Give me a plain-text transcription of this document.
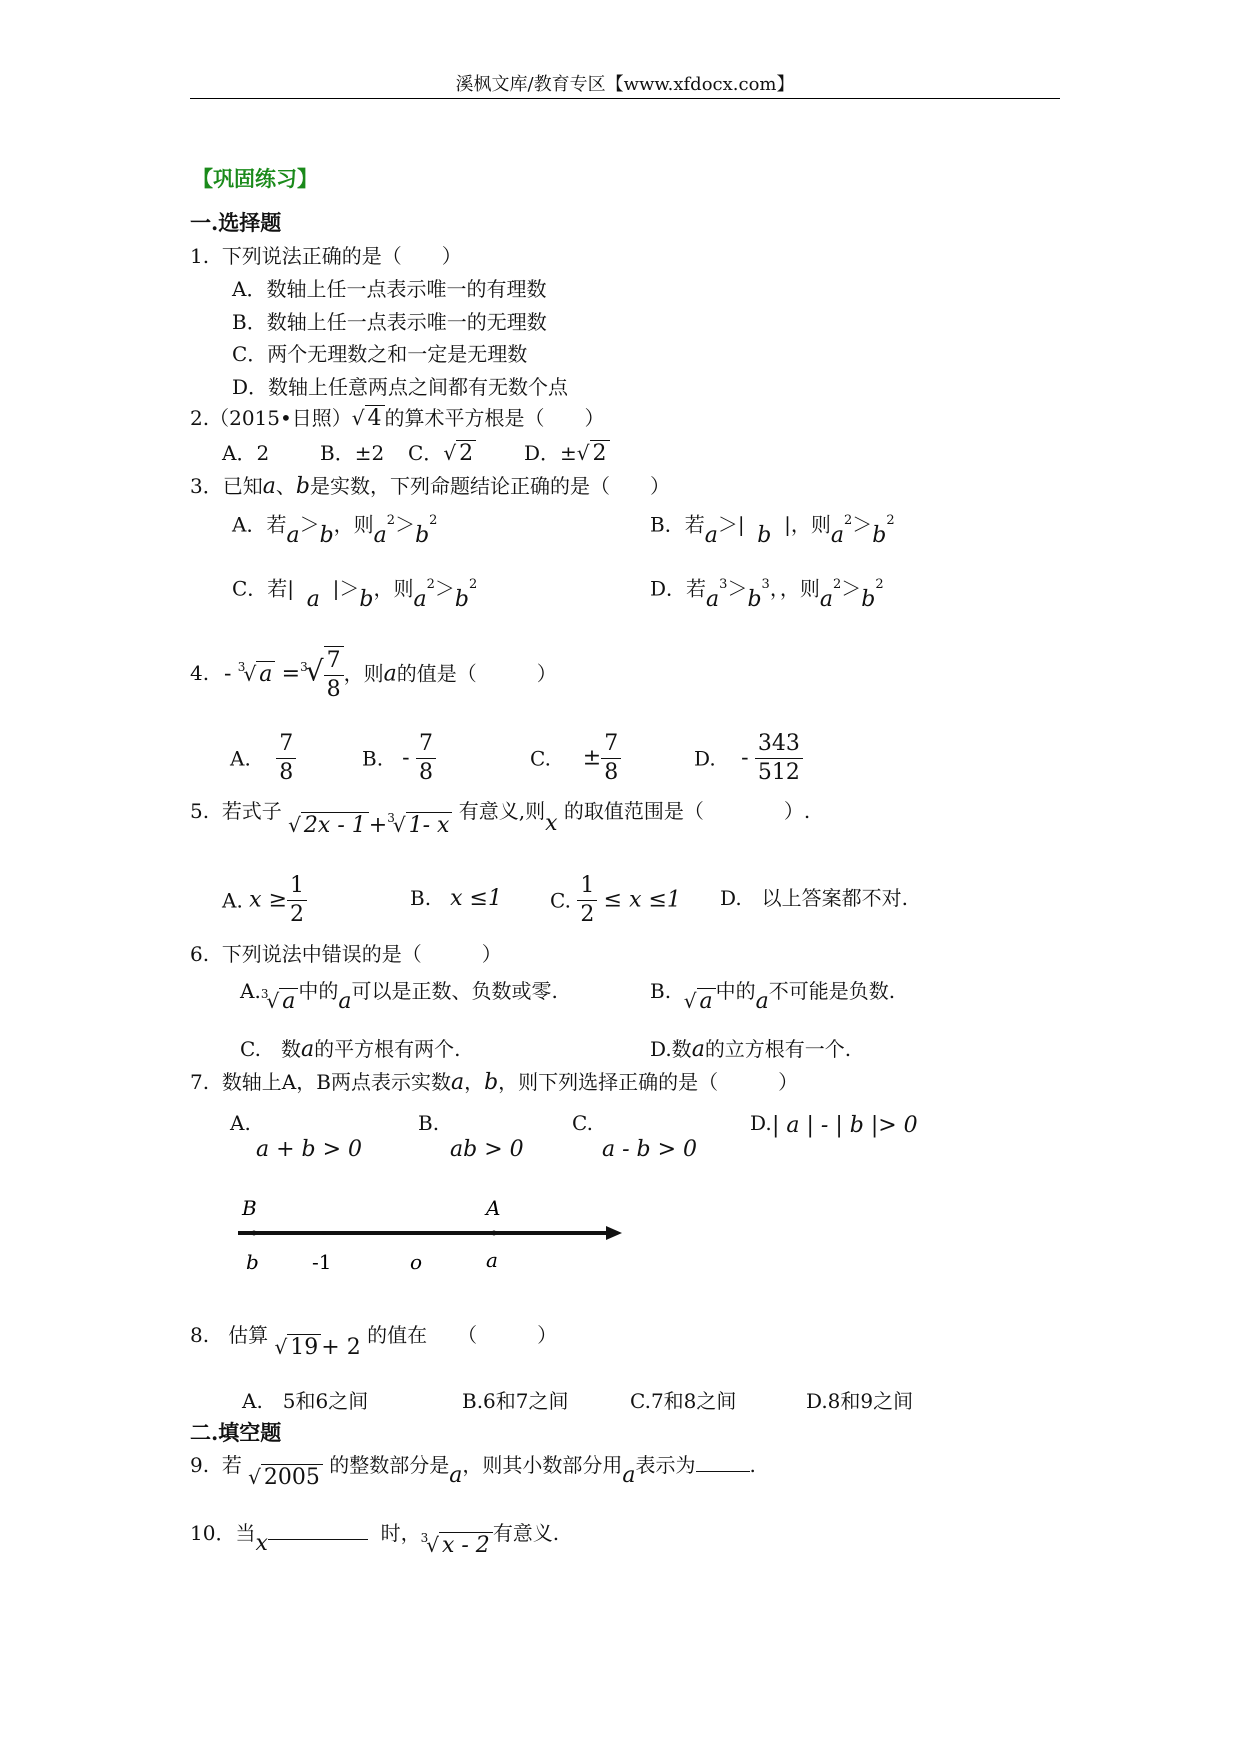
溪枫文库/教育专区【www.xfdocx.com】
【巩固练习】
一.选择题
1. 下列说法正确的是（　　）
A．数轴上任一点表示唯一的有理数
B．数轴上任一点表示唯一的无理数
C．两个无理数之和一定是无理数
D．数轴上任意两点之间都有无数个点
2.（2015•日照）√ 4 的算术平方根是（　　）
A．2	B．±2 C．√ 2	D．±√ 2
3．已知a、b是实数，下列命题结论正确的是（　　）
A．若a＞b，则$a^2>b^2$	B．若a＞| b |，则$a^2>b^2$
C．若| a |＞b，则$a^2>b^2$	D．若$a^3>b^3$，，则$a^2>b^2$
4. - $^3$√ $a =^3√ \frac{7}{8}$ ，则a的值是（　　　）
A. $\frac{7}{8}$	B. - $\frac{7}{8}$	C. ± $\frac{7}{8}$	D. - $\frac{343}{512}$
5. 若式子 √ 2x - 1 +$^3$√ 1- x 有意义,则x 的取值范围是（　　　　）.
A. $x \ge \frac{1}{2}$	B. x ≤1 C. $\frac{1}{2} \le x \le 1$ D.　以上答案都不对.
6. 下列说法中错误的是（　　　）
A.$^3$√ a 中的a可以是正数、负数或零.	B. √ a 中的a不可能是负数.
C.　数a的平方根有两个.	D.数a的立方根有一个.
7. 数轴上A，B两点表示实数a，b，则下列选择正确的是（　　　）
A.
a + b > 0
B.
ab > 0
C.
a - b > 0
D.
| a | - | b |> 0
B	A
b	-1	o	a
8. 估算 √ 19 + 2 的值在　　（　　　）
A.　5和6之间	B.6和7之间	C.7和8之间	D.8和9之间
二.填空题
9. 若 √ 2005 的整数部分是a，则其小数部分用a表示为	.
10．当x	时，$^3$√ x - 2 有意义.
